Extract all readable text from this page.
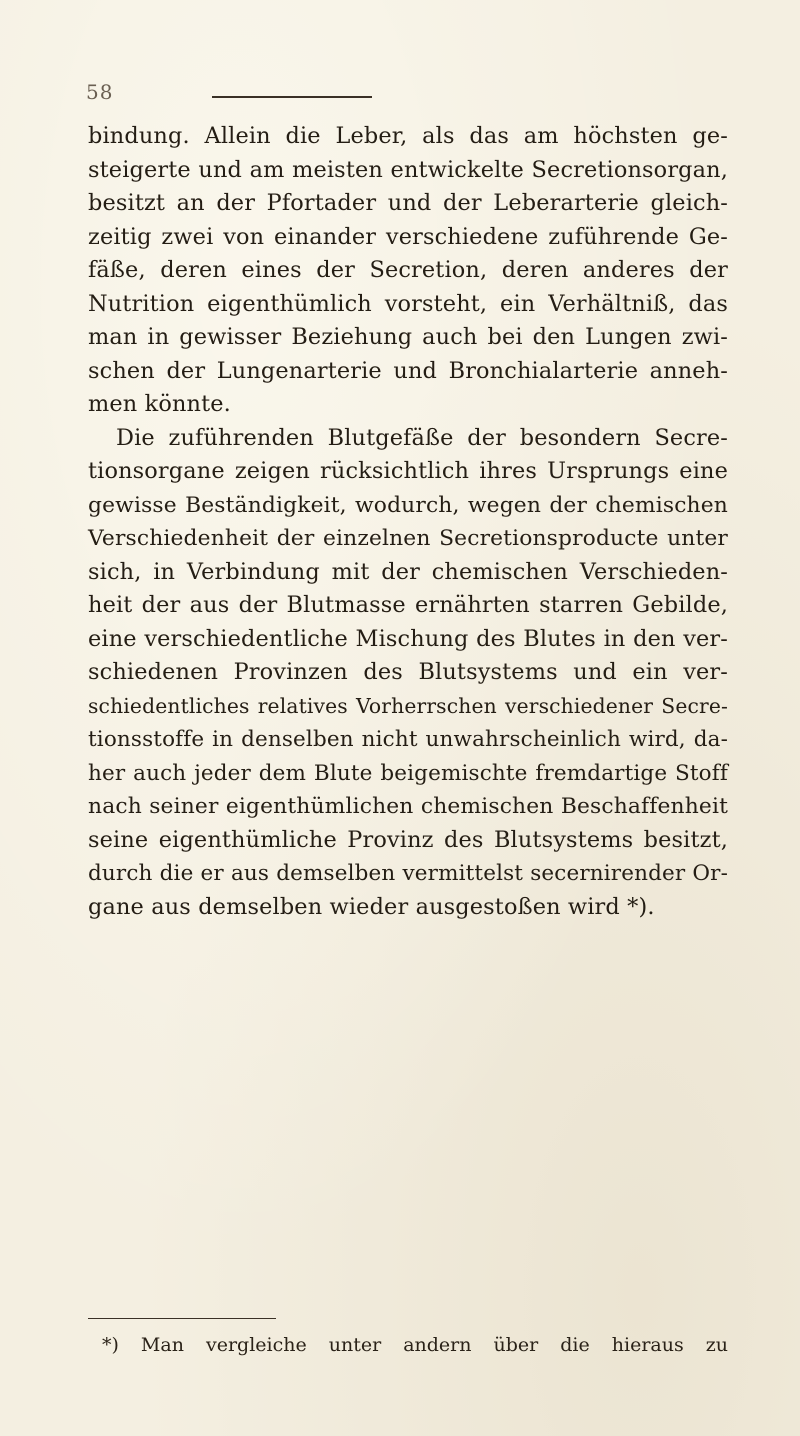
58
bindung. Allein die Leber, als das am höchsten ge-
steigerte und am meisten entwickelte Secretionsorgan,
besitzt an der Pfortader und der Leberarterie gleich-
zeitig zwei von einander verschiedene zuführende Ge-
fäße, deren eines der Secretion, deren anderes der
Nutrition eigenthümlich vorsteht, ein Verhältniß, das
man in gewisser Beziehung auch bei den Lungen zwi-
schen der Lungenarterie und Bronchialarterie anneh-
men könnte.
Die zuführenden Blutgefäße der besondern Secre-
tionsorgane zeigen rücksichtlich ihres Ursprungs eine
gewisse Beständigkeit, wodurch, wegen der chemischen
Verschiedenheit der einzelnen Secretionsproducte unter
sich, in Verbindung mit der chemischen Verschieden-
heit der aus der Blutmasse ernährten starren Gebilde,
eine verschiedentliche Mischung des Blutes in den ver-
schiedenen Provinzen des Blutsystems und ein ver-
schiedentliches relatives Vorherrschen verschiedener Secre-
tionsstoffe in denselben nicht unwahrscheinlich wird, da-
her auch jeder dem Blute beigemischte fremdartige Stoff
nach seiner eigenthümlichen chemischen Beschaffenheit
seine eigenthümliche Provinz des Blutsystems besitzt,
durch die er aus demselben vermittelst secernirender Or-
gane aus demselben wieder ausgestoßen wird *).
*) Man vergleiche unter andern über die hieraus zu
